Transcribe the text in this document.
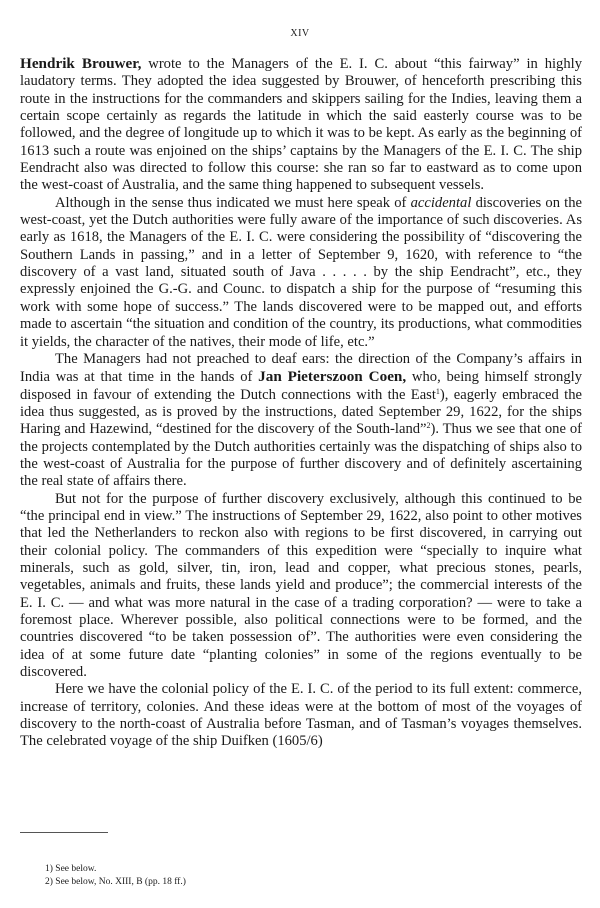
XIV

Hendrik Brouwer, wrote to the Managers of the E. I. C. about “this fairway” in highly laudatory terms. They adopted the idea suggested by Brouwer, of henceforth prescribing this route in the instructions for the commanders and skippers sailing for the Indies, leaving them a certain scope certainly as regards the latitude in which the said easterly course was to be followed, and the degree of longitude up to which it was to be kept. As early as the beginning of 1613 such a route was enjoined on the ships’ captains by the Managers of the E. I. C. The ship Eendracht also was directed to follow this course: she ran so far to eastward as to come upon the west-coast of Australia, and the same thing happened to subsequent vessels.

Although in the sense thus indicated we must here speak of accidental discoveries on the west-coast, yet the Dutch authorities were fully aware of the importance of such discoveries. As early as 1618, the Managers of the E. I. C. were considering the possibility of “discovering the Southern Lands in passing,” and in a letter of September 9, 1620, with reference to “the discovery of a vast land, situated south of Java . . . . . by the ship Eendracht”, etc., they expressly enjoined the G.-G. and Counc. to dispatch a ship for the purpose of “resuming this work with some hope of success.” The lands discovered were to be mapped out, and efforts made to ascertain “the situation and condition of the country, its productions, what commodities it yields, the character of the natives, their mode of life, etc.”

The Managers had not preached to deaf ears: the direction of the Company’s affairs in India was at that time in the hands of Jan Pieterszoon Coen, who, being himself strongly disposed in favour of extending the Dutch connections with the East$^1$), eagerly embraced the idea thus suggested, as is proved by the instructions, dated September 29, 1622, for the ships Haring and Hazewind, “destined for the discovery of the South-land”$^2$). Thus we see that one of the projects contemplated by the Dutch authorities certainly was the dispatching of ships also to the west-coast of Australia for the purpose of further discovery and of definitely ascertaining the real state of affairs there.

But not for the purpose of further discovery exclusively, although this continued to be “the principal end in view.” The instructions of September 29, 1622, also point to other motives that led the Netherlanders to reckon also with regions to be first discovered, in carrying out their colonial policy. The commanders of this expedition were “specially to inquire what minerals, such as gold, silver, tin, iron, lead and copper, what precious stones, pearls, vegetables, animals and fruits, these lands yield and produce”; the commercial interests of the E. I. C. — and what was more natural in the case of a trading corporation? — were to take a foremost place. Wherever possible, also political connections were to be formed, and the countries discovered “to be taken possession of”. The authorities were even considering the idea of at some future date “planting colonies” in some of the regions eventually to be discovered.

Here we have the colonial policy of the E. I. C. of the period to its full extent: commerce, increase of territory, colonies. And these ideas were at the bottom of most of the voyages of discovery to the north-coast of Australia before Tasman, and of Tasman’s voyages themselves. The celebrated voyage of the ship Duifken (1605/6)

1) See below.
2) See below, No. XIII, B (pp. 18 ff.)
